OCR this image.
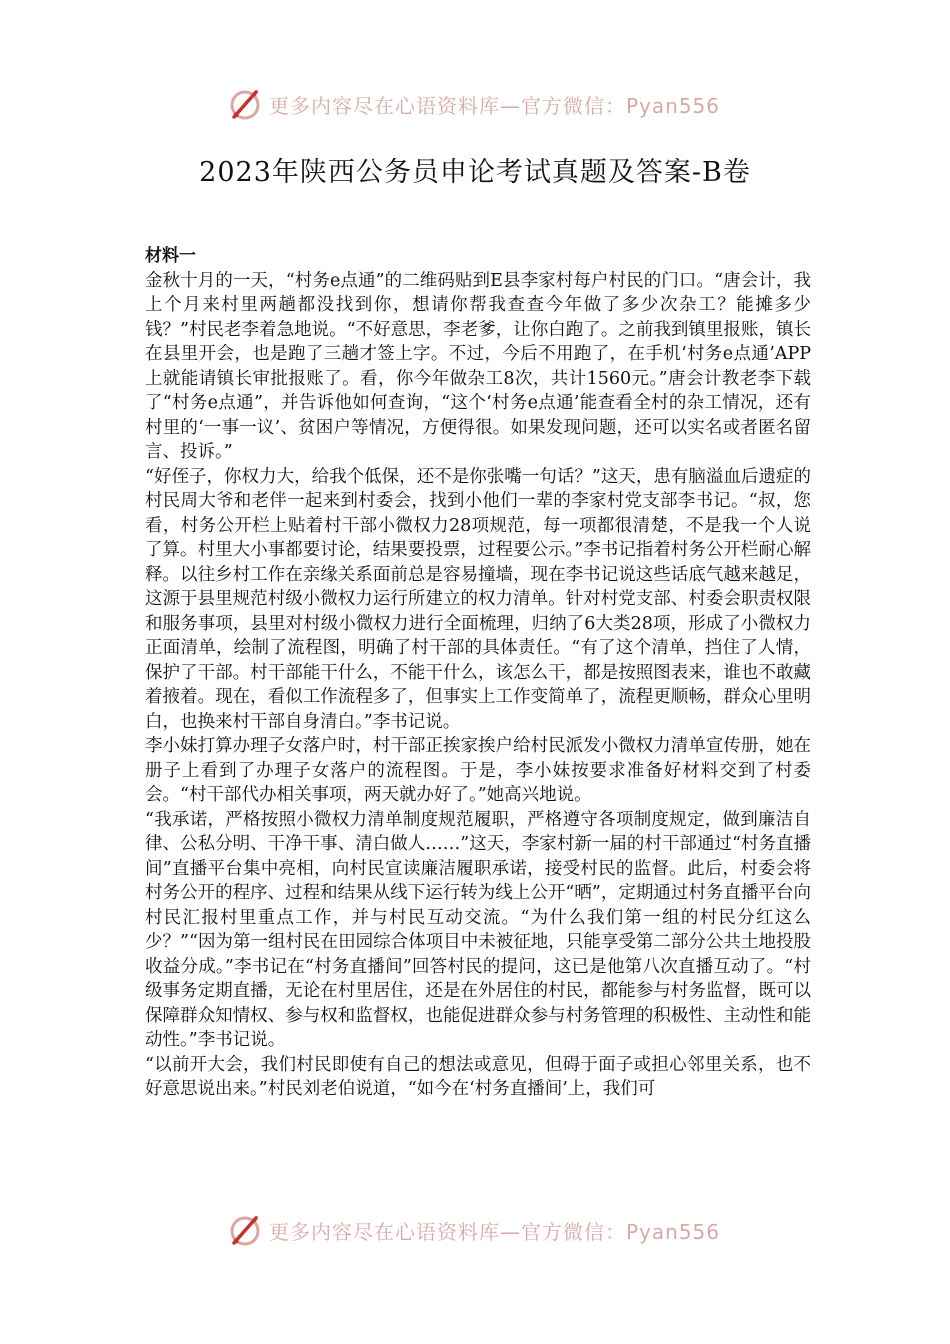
更多内容尽在心语资料库—官方微信：Pyan556
2023年陕西公务员申论考试真题及答案-B卷
材料一

金秋十月的一天，“村务e点通”的二维码贴到E县李家村每户村民的门口。“唐会计，我上个月来村里两趟都没找到你，想请你帮我查查今年做了多少次杂工？能摊多少钱？”村民老李着急地说。“不好意思，李老爹，让你白跑了。之前我到镇里报账，镇长在县里开会，也是跑了三趟才签上字。不过，今后不用跑了，在手机‘村务e点通’APP上就能请镇长审批报账了。看，你今年做杂工8次，共计1560元。”唐会计教老李下载了“村务e点通”，并告诉他如何查询，“这个‘村务e点通’能查看全村的杂工情况，还有村里的‘一事一议’、贫困户等情况，方便得很。如果发现问题，还可以实名或者匿名留言、投诉。”

“好侄子，你权力大，给我个低保，还不是你张嘴一句话？”这天，患有脑溢血后遗症的村民周大爷和老伴一起来到村委会，找到小他们一辈的李家村党支部李书记。“叔，您看，村务公开栏上贴着村干部小微权力28项规范，每一项都很清楚，不是我一个人说了算。村里大小事都要讨论，结果要投票，过程要公示。”李书记指着村务公开栏耐心解释。以往乡村工作在亲缘关系面前总是容易撞墙，现在李书记说这些话底气越来越足，这源于县里规范村级小微权力运行所建立的权力清单。针对村党支部、村委会职责权限和服务事项，县里对村级小微权力进行全面梳理，归纳了6大类28项，形成了小微权力正面清单，绘制了流程图，明确了村干部的具体责任。“有了这个清单，挡住了人情，保护了干部。村干部能干什么，不能干什么，该怎么干，都是按照图表来，谁也不敢藏着掖着。现在，看似工作流程多了，但事实上工作变简单了，流程更顺畅，群众心里明白，也换来村干部自身清白。”李书记说。

李小妹打算办理子女落户时，村干部正挨家挨户给村民派发小微权力清单宣传册，她在册子上看到了办理子女落户的流程图。于是，李小妹按要求准备好材料交到了村委会。“村干部代办相关事项，两天就办好了。”她高兴地说。

“我承诺，严格按照小微权力清单制度规范履职，严格遵守各项制度规定，做到廉洁自律、公私分明、干净干事、清白做人……”这天，李家村新一届的村干部通过“村务直播间”直播平台集中亮相，向村民宣读廉洁履职承诺，接受村民的监督。此后，村委会将村务公开的程序、过程和结果从线下运行转为线上公开“晒”，定期通过村务直播平台向村民汇报村里重点工作，并与村民互动交流。“为什么我们第一组的村民分红这么少？”“因为第一组村民在田园综合体项目中未被征地，只能享受第二部分公共土地投股收益分成。”李书记在“村务直播间”回答村民的提问，这已是他第八次直播互动了。“村级事务定期直播，无论在村里居住，还是在外居住的村民，都能参与村务监督，既可以保障群众知情权、参与权和监督权，也能促进群众参与村务管理的积极性、主动性和能动性。”李书记说。

“以前开大会，我们村民即使有自己的想法或意见，但碍于面子或担心邻里关系，也不好意思说出来。”村民刘老伯说道，“如今在‘村务直播间’上，我们可

更多内容尽在心语资料库—官方微信：Pyan556
